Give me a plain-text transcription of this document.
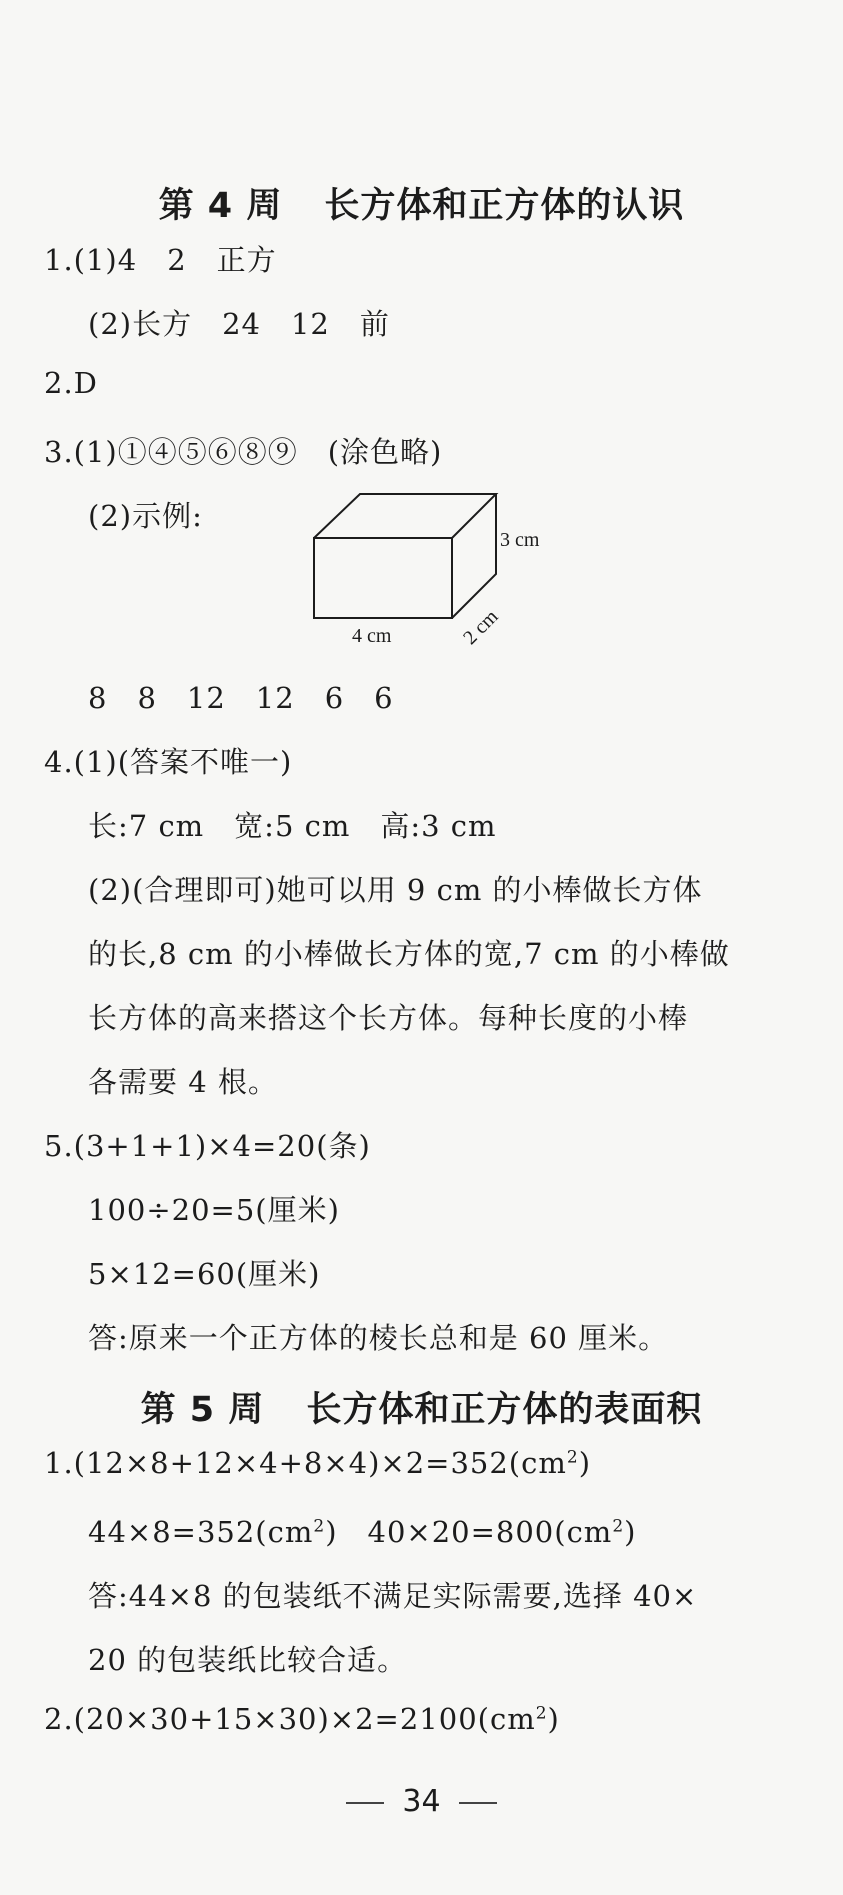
第 4 周 长方体和正方体的认识
1.(1)4　2　正方
(2)长方　24　12　前
2.D
3.(1)①④⑤⑥⑧⑨　(涂色略)
(2)示例:
3 cm
2 cm
4 cm
8　8　12　12　6　6
4.(1)(答案不唯一)
长:7 cm　宽:5 cm　高:3 cm
(2)(合理即可)她可以用 9 cm 的小棒做长方体
的长,8 cm 的小棒做长方体的宽,7 cm 的小棒做
长方体的高来搭这个长方体。每种长度的小棒
各需要 4 根。
5.(3+1+1)×4=20(条)
100÷20=5(厘米)
5×12=60(厘米)
答:原来一个正方体的棱长总和是 60 厘米。
第 5 周 长方体和正方体的表面积
$1.(12\times 8+12\times 4+8\times 4)\times 2=352(cm^2)$
$44\times 8=352(cm^2)$　$40\times 20=800(cm^2)$
答:44×8 的包装纸不满足实际需要,选择 40×
20 的包装纸比较合适。
$2.(20\times 30+15\times 30)\times 2=2100(cm^2)$
34
